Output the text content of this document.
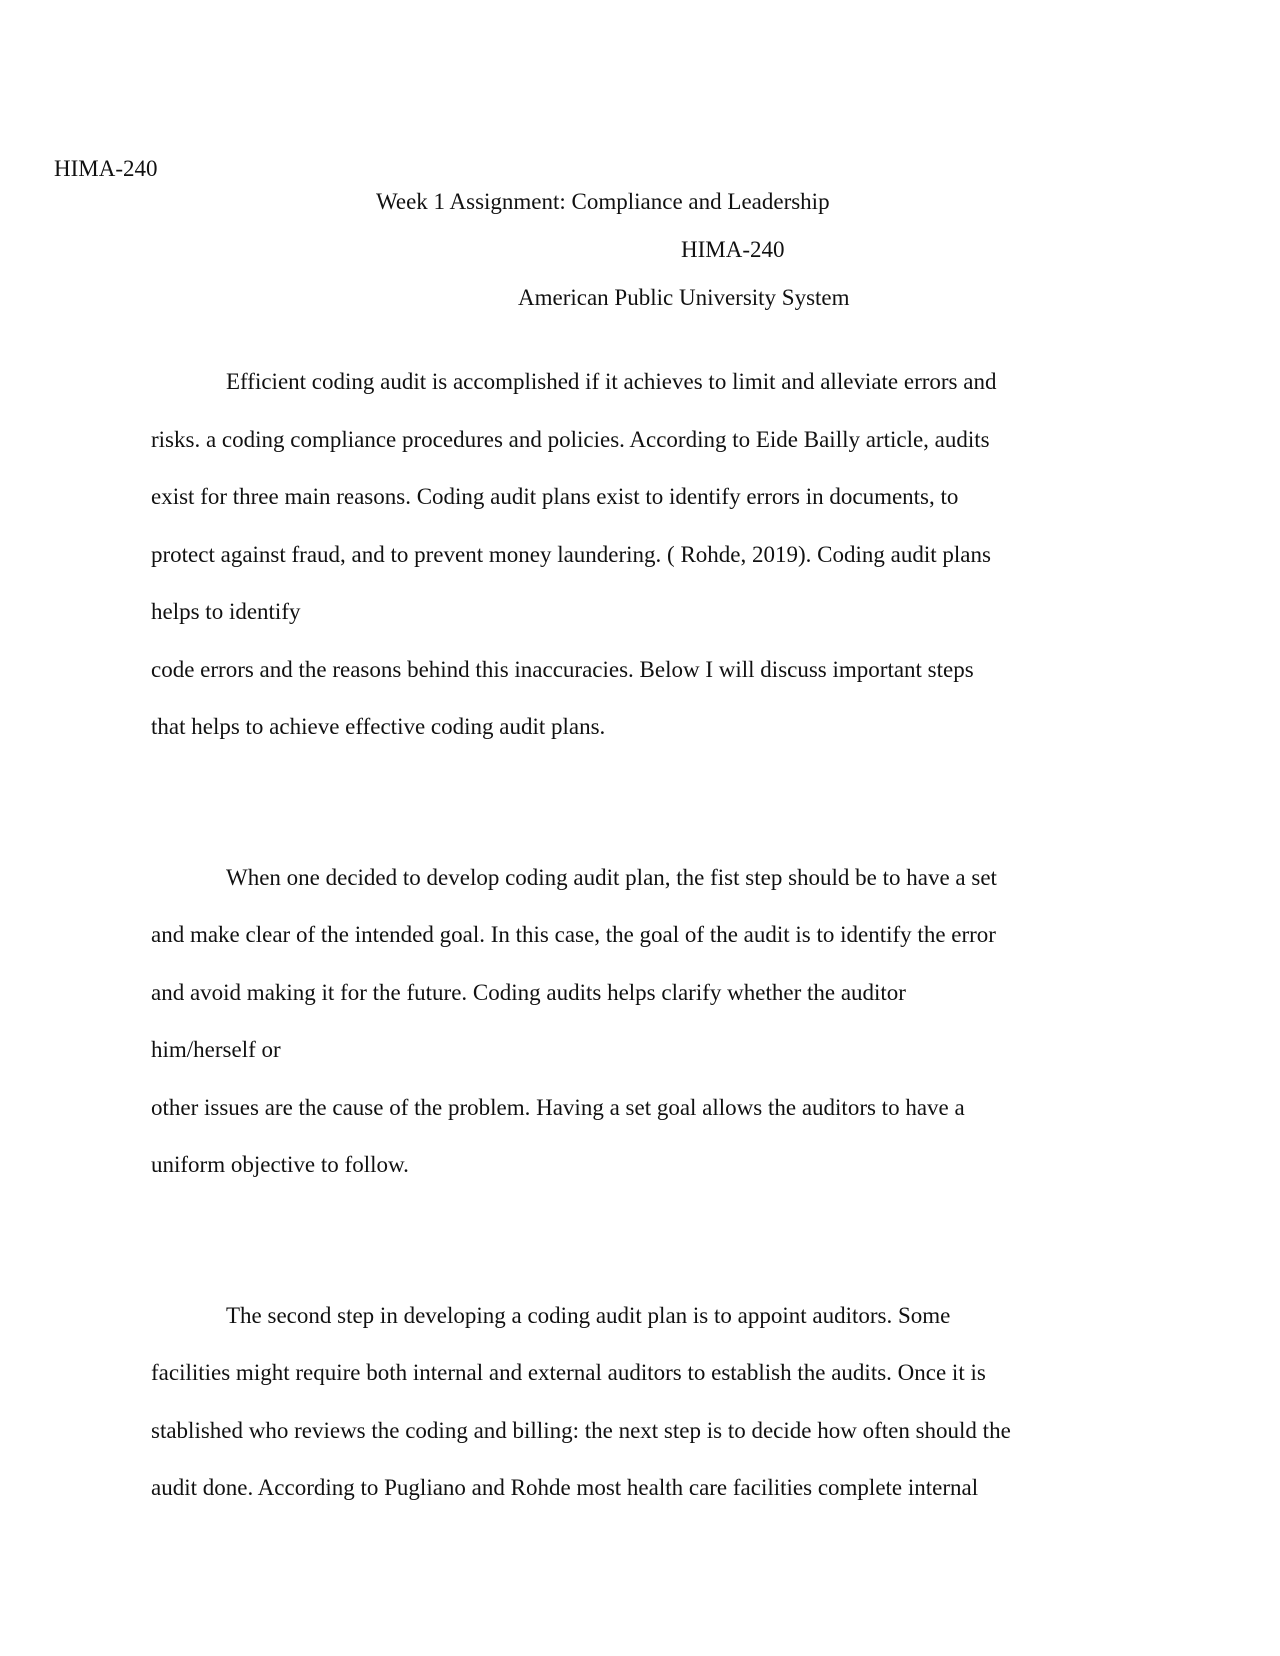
HIMA-240
Week 1 Assignment: Compliance and Leadership
HIMA-240
American Public University System
Efficient coding audit is accomplished if it achieves to limit and alleviate errors and
risks. a coding compliance procedures and policies. According to Eide Bailly article, audits
exist for three main reasons. Coding audit plans exist to identify errors in documents, to
protect against fraud, and to prevent money laundering. ( Rohde, 2019). Coding audit plans
helps to identify
code errors and the reasons behind this inaccuracies. Below I will discuss important steps
that helps to achieve effective coding audit plans.
When one decided to develop coding audit plan, the fist step should be to have a set
and make clear of the intended goal. In this case, the goal of the audit is to identify the error
and avoid making it for the future. Coding audits helps clarify whether the auditor
him/herself or
other issues are the cause of the problem. Having a set goal allows the auditors to have a
uniform objective to follow.
The second step in developing a coding audit plan is to appoint auditors. Some
facilities might require both internal and external auditors to establish the audits. Once it is
stablished who reviews the coding and billing: the next step is to decide how often should the
audit done. According to Pugliano and Rohde most health care facilities complete internal
